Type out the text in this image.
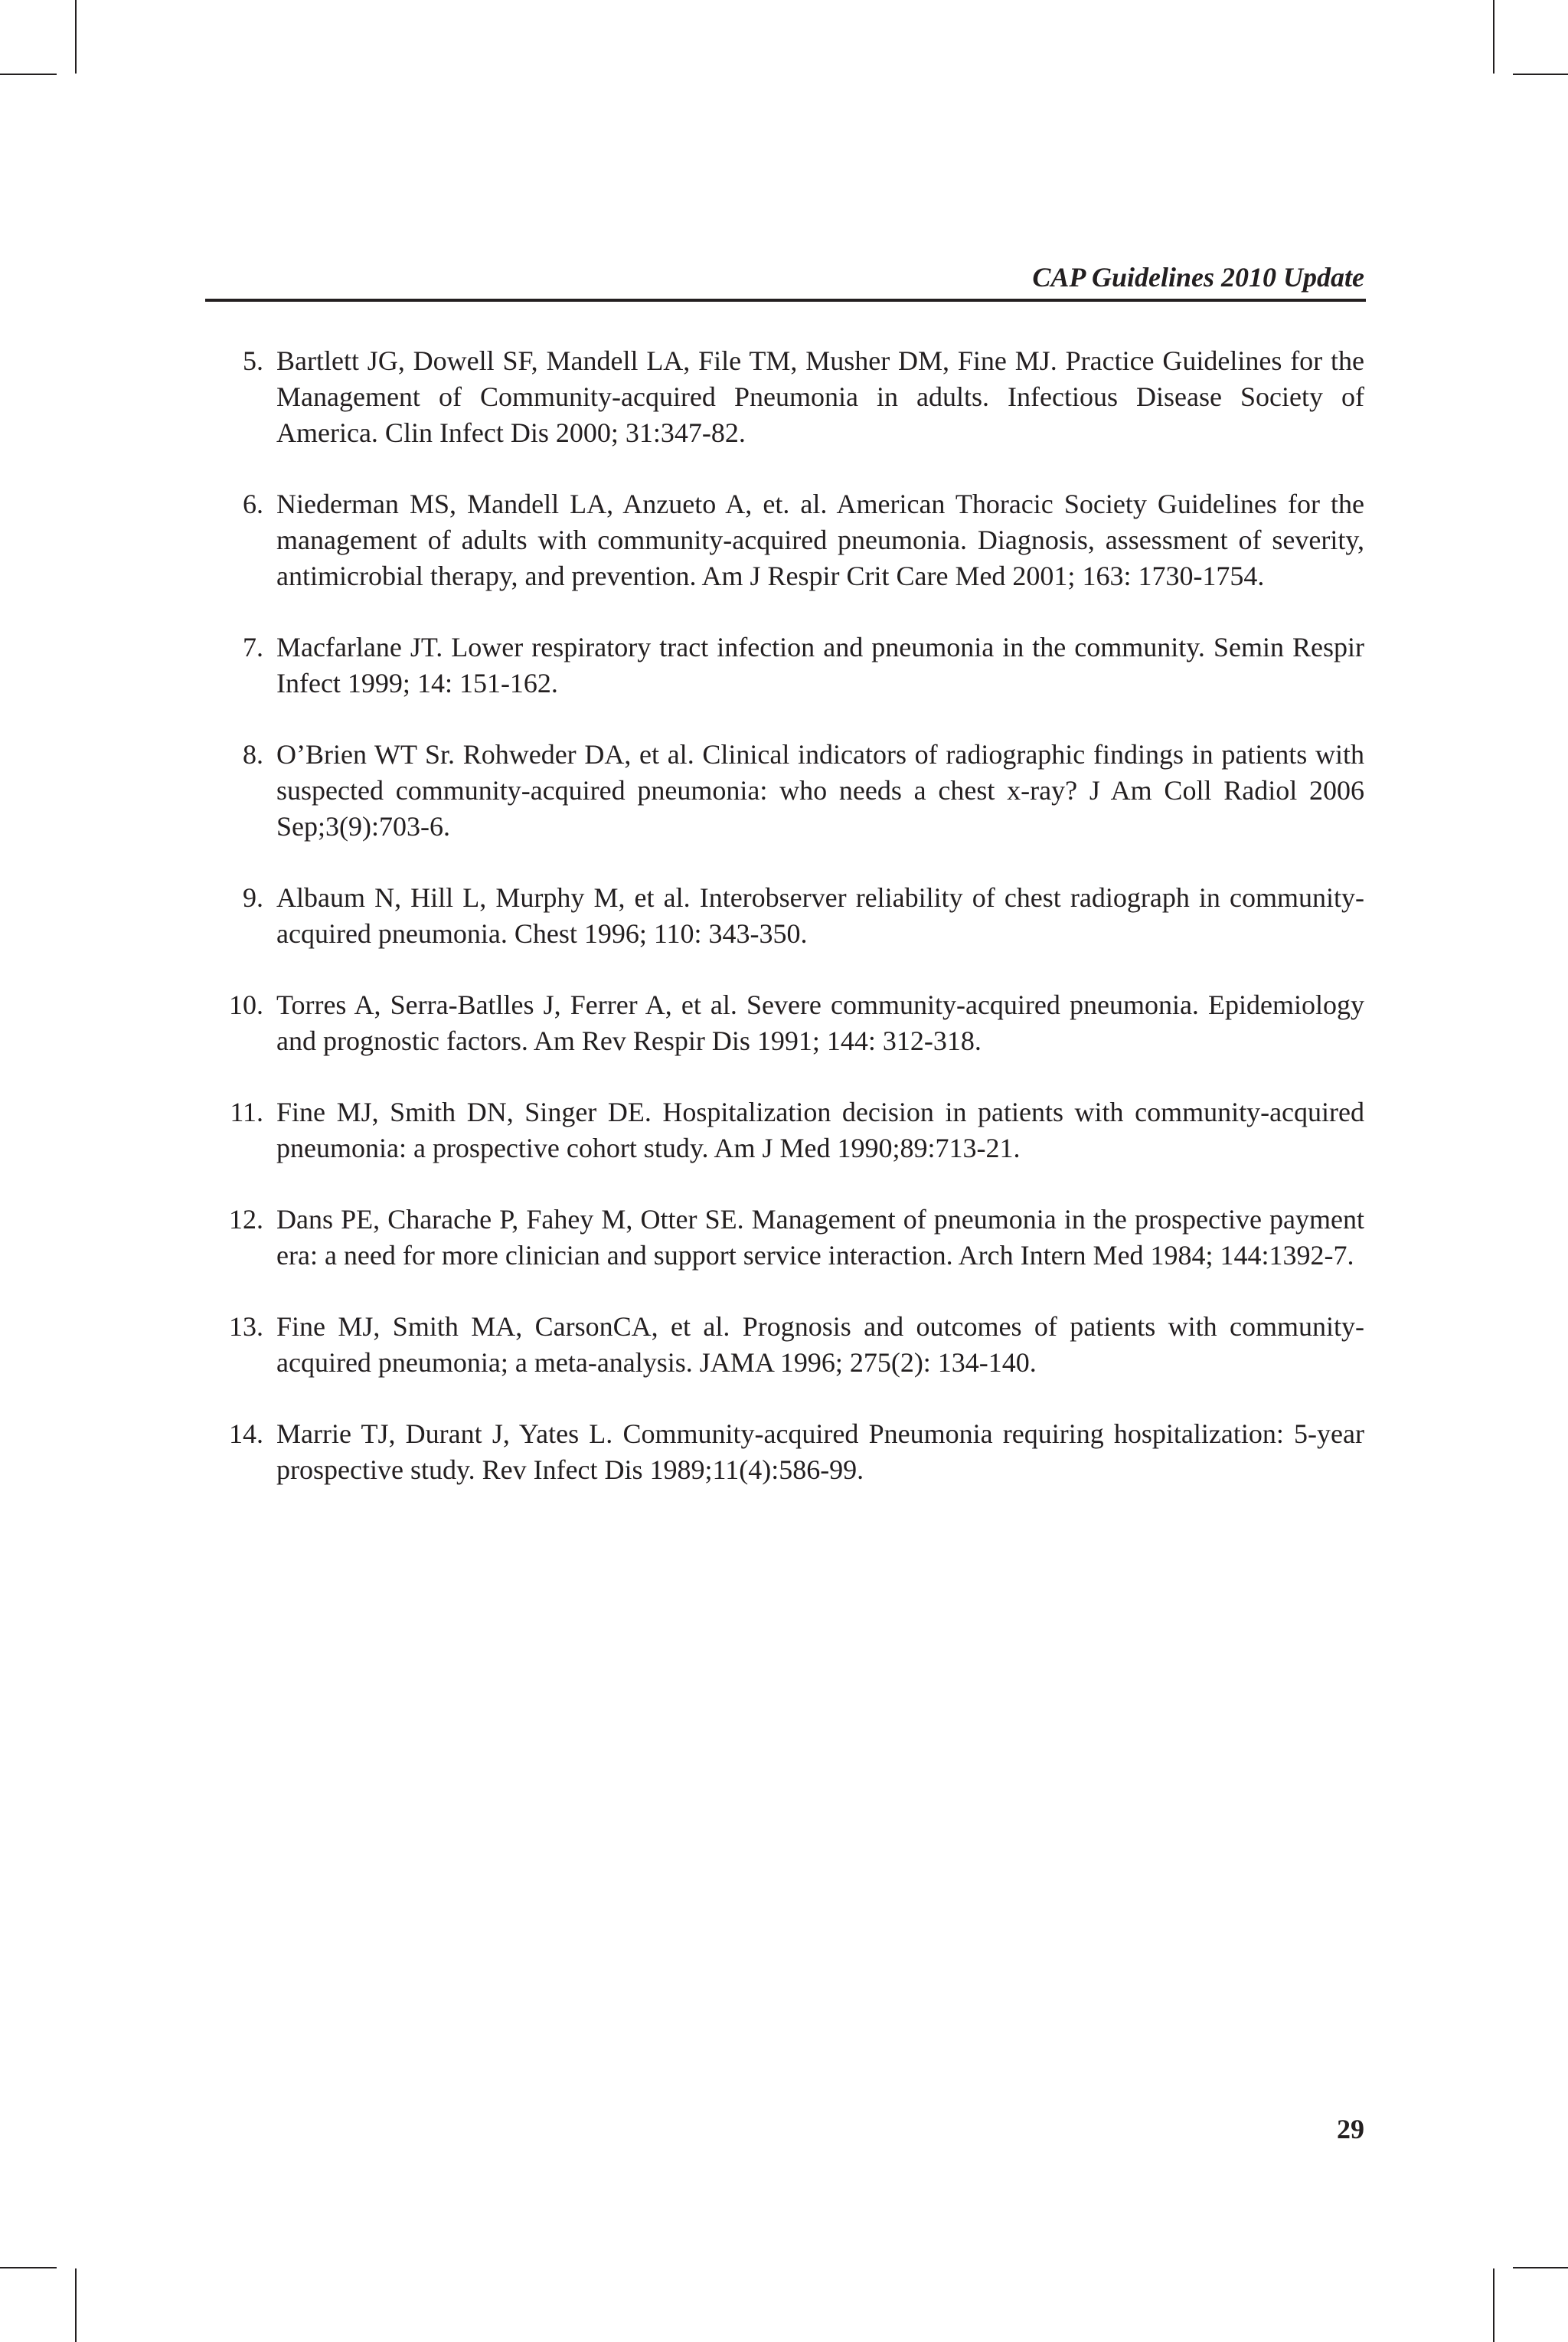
CAP Guidelines 2010 Update
5. Bartlett JG, Dowell SF, Mandell LA, File TM, Musher DM, Fine MJ. Practice Guidelines for the Management of Community-acquired Pneumonia in adults. Infectious Disease Society of America. Clin Infect Dis 2000; 31:347-82.
6. Niederman MS, Mandell LA, Anzueto A, et. al. American Thoracic Society Guidelines for the management of adults with community-acquired pneumonia. Diagnosis, assessment of severity, antimicrobial therapy, and prevention. Am J Respir Crit Care Med 2001; 163: 1730-1754.
7. Macfarlane JT. Lower respiratory tract infection and pneumonia in the community. Semin Respir Infect 1999; 14: 151-162.
8. O’Brien WT Sr. Rohweder DA, et al. Clinical indicators of radiographic findings in patients with suspected community-acquired pneumonia: who needs a chest x-ray? J Am Coll Radiol 2006 Sep;3(9):703-6.
9. Albaum N, Hill L, Murphy M, et al. Interobserver reliability of chest radiograph in community-acquired pneumonia. Chest 1996; 110: 343-350.
10. Torres A, Serra-Batlles J, Ferrer A, et al. Severe community-acquired pneumonia. Epidemiology and prognostic factors. Am Rev Respir Dis 1991; 144: 312-318.
11. Fine MJ, Smith DN, Singer DE. Hospitalization decision in patients with community-acquired pneumonia: a prospective cohort study. Am J Med 1990;89:713-21.
12. Dans PE, Charache P, Fahey M, Otter SE. Management of pneumonia in the prospective payment era: a need for more clinician and support service interaction. Arch Intern Med 1984; 144:1392-7.
13. Fine MJ, Smith MA, CarsonCA, et al. Prognosis and outcomes of patients with community-acquired pneumonia; a meta-analysis. JAMA 1996; 275(2): 134-140.
14. Marrie TJ, Durant J, Yates L. Community-acquired Pneumonia requiring hospitalization: 5-year prospective study. Rev Infect Dis 1989;11(4):586-99.
29
